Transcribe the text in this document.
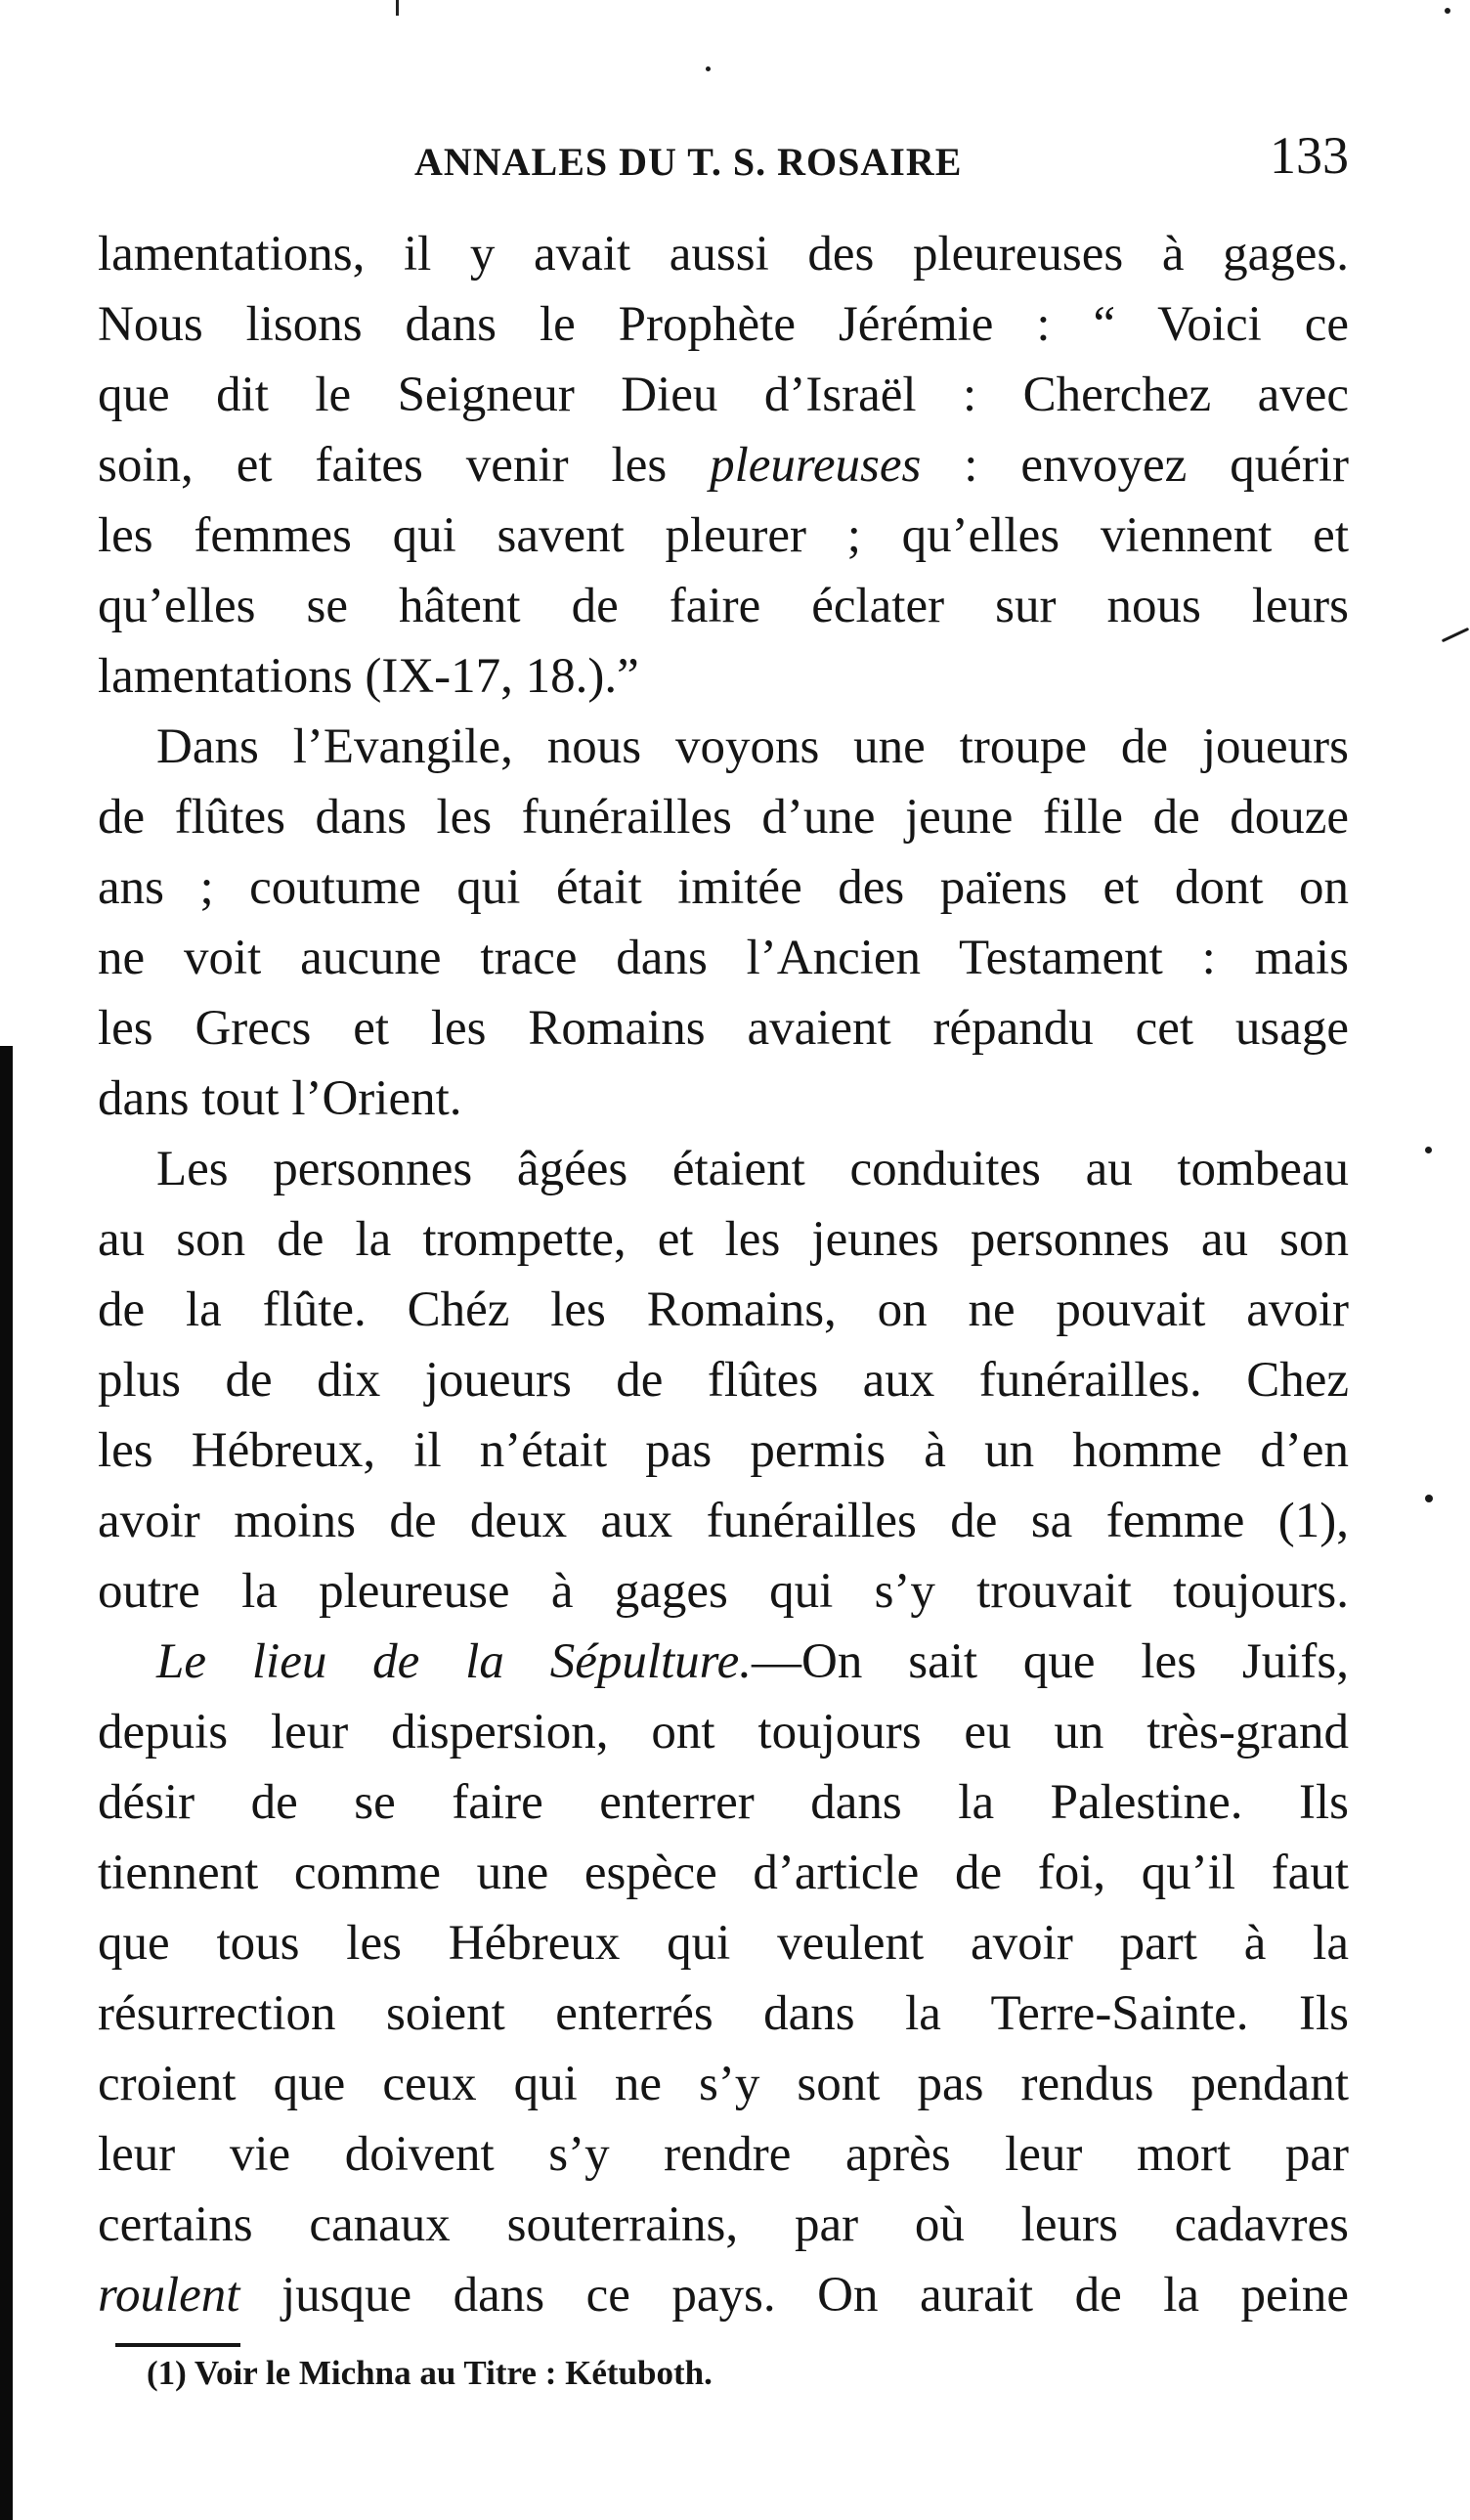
ANNALES DU T. S. ROSAIRE	133
lamentations, il y avait aussi des pleureuses à gages.
Nous lisons dans le Prophète Jérémie : “ Voici ce
que dit le Seigneur Dieu d’Israël : Cherchez avec
soin, et faites venir les pleureuses : envoyez quérir
les femmes qui savent pleurer ; qu’elles viennent et
qu’elles se hâtent de faire éclater sur nous leurs
lamentations (IX-17, 18.).”
Dans l’Evangile, nous voyons une troupe de joueurs
de flûtes dans les funérailles d’une jeune fille de douze
ans ; coutume qui était imitée des païens et dont on
ne voit aucune trace dans l’Ancien Testament : mais
les Grecs et les Romains avaient répandu cet usage
dans tout l’Orient.
Les personnes âgées étaient conduites au tombeau
au son de la trompette, et les jeunes personnes au son
de la flûte. Chéz les Romains, on ne pouvait avoir
plus de dix joueurs de flûtes aux funérailles. Chez
les Hébreux, il n’était pas permis à un homme d’en
avoir moins de deux aux funérailles de sa femme (1),
outre la pleureuse à gages qui s’y trouvait toujours.
Le lieu de la Sépulture.—On sait que les Juifs,
depuis leur dispersion, ont toujours eu un très-grand
désir de se faire enterrer dans la Palestine. Ils
tiennent comme une espèce d’article de foi, qu’il faut
que tous les Hébreux qui veulent avoir part à la
résurrection soient enterrés dans la Terre-Sainte. Ils
croient que ceux qui ne s’y sont pas rendus pendant
leur vie doivent s’y rendre après leur mort par
certains canaux souterrains, par où leurs cadavres
roulent jusque dans ce pays. On aurait de la peine
(1) Voir le Michna au Titre : Kétuboth.
